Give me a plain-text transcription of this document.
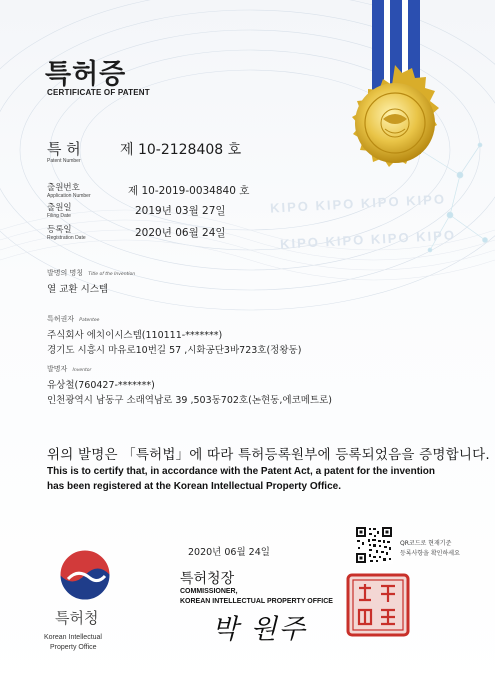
KIPO KIPO KIPO KIPO
KIPO KIPO KIPO KIPO
특허증
CERTIFICATE OF PATENT
특 허
Patent Number
제 10-2128408 호
출원번호
Application Number	제 10-2019-0034840 호
출원일
Filing Date	2019년 03월 27일
등록일
Registration Date	2020년 06월 24일
발명의 명칭 Title of the Invention
열 교환 시스템
특허권자 Patentee
주식회사 에치이시스템(110111-*******)
경기도 시흥시 마유로10번길 57 ,시화공단3바723호(정왕동)
발명자 Inventor
유상철(760427-*******)
인천광역시 남동구 소래역남로 39 ,503동702호(논현동,에코메트로)
위의 발명은 「특허법」에 따라 특허등록원부에 등록되었음을 증명합니다.
This is to certify that, in accordance with the Patent Act, a patent for the invention has been registered at the Korean Intellectual Property Office.
특허청
Korean Intellectual
Property Office
2020년 06월 24일
특허청장
COMMISSIONER,
KOREAN INTELLECTUAL PROPERTY OFFICE
박 원주
QR코드로 현재기준
등록사항을 확인하세요
